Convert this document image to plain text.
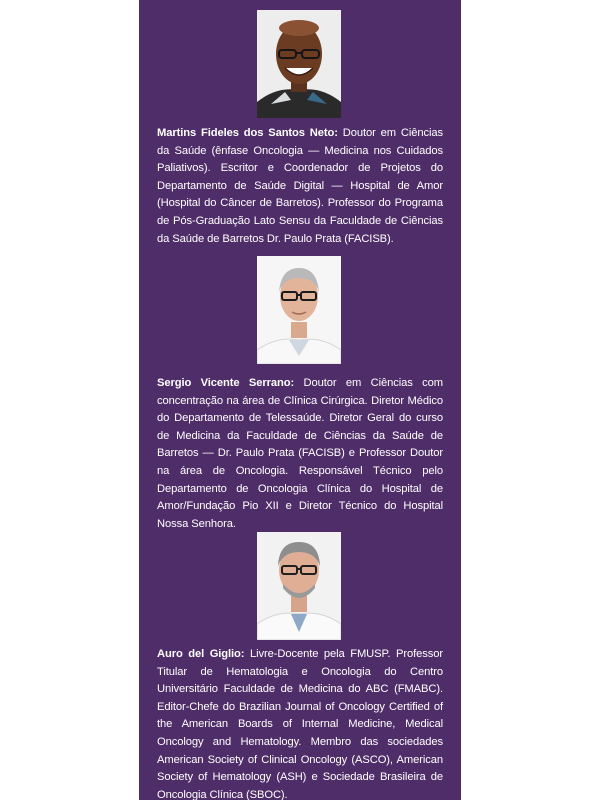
Martins Fideles dos Santos Neto: Doutor em Ciências da Saúde (ênfase Oncologia — Medicina nos Cuidados Paliativos). Escritor e Coordenador de Projetos do Departamento de Saúde Digital — Hospital de Amor (Hospital do Câncer de Barretos). Professor do Programa de Pós-Graduação Lato Sensu da Faculdade de Ciências da Saúde de Barretos Dr. Paulo Prata (FACISB).

Sergio Vicente Serrano: Doutor em Ciências com concentração na área de Clínica Cirúrgica. Diretor Médico do Departamento de Telessaúde. Diretor Geral do curso de Medicina da Faculdade de Ciências da Saúde de Barretos — Dr. Paulo Prata (FACISB) e Professor Doutor na área de Oncologia. Responsável Técnico pelo Departamento de Oncologia Clínica do Hospital de Amor/Fundação Pio XII e Diretor Técnico do Hospital Nossa Senhora.

Auro del Giglio: Livre-Docente pela FMUSP. Professor Titular de Hematologia e Oncologia do Centro Universitário Faculdade de Medicina do ABC (FMABC). Editor-Chefe do Brazilian Journal of Oncology Certified of the American Boards of Internal Medicine, Medical Oncology and Hematology. Membro das sociedades American Society of Clinical Oncology (ASCO), American Society of Hematology (ASH) e Sociedade Brasileira de Oncologia Clínica (SBOC).
